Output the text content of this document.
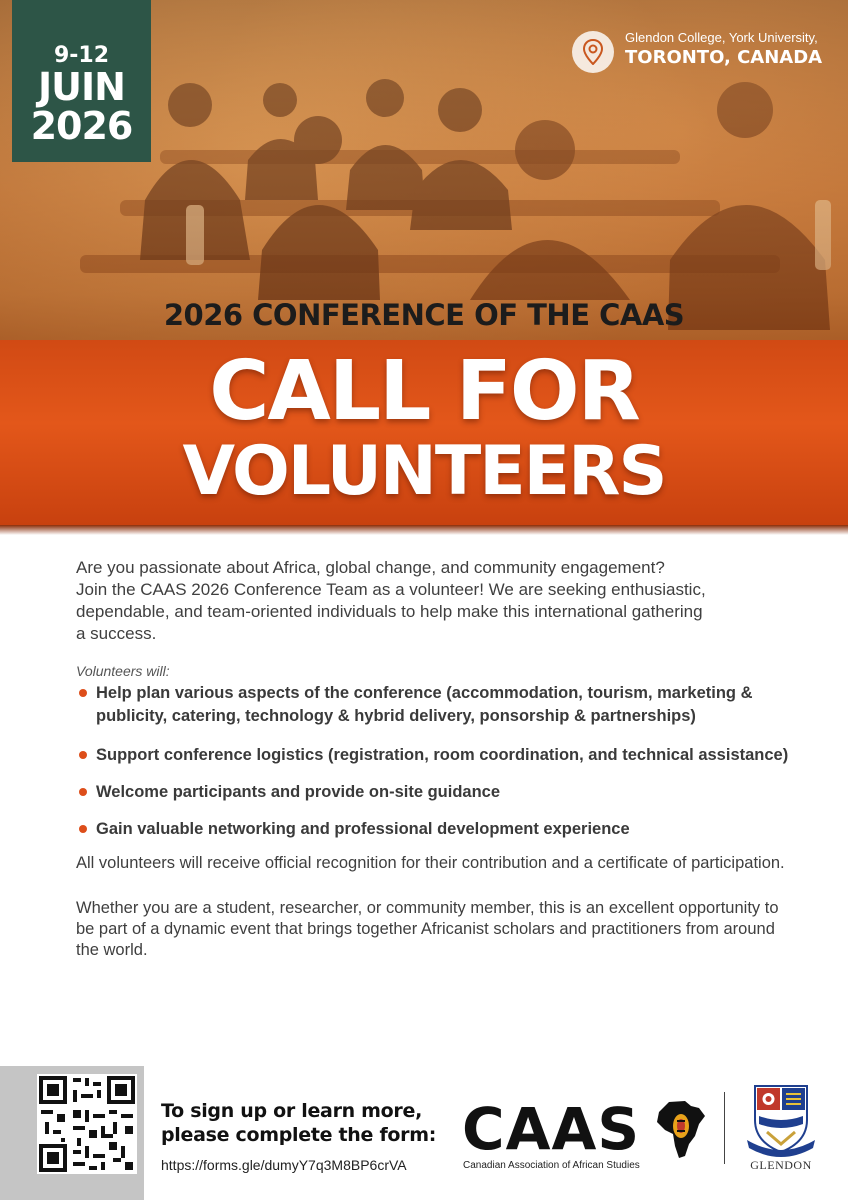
9-12
JUIN
2026
Glendon College, York University,
TORONTO, CANADA
2026 CONFERENCE OF THE CAAS
CALL FOR
VOLUNTEERS

Are you passionate about Africa, global change, and community engagement?
Join the CAAS 2026 Conference Team as a volunteer! We are seeking enthusiastic,
dependable, and team-oriented individuals to help make this international gathering
a success.

Volunteers will:
Help plan various aspects of the conference (accommodation, tourism, marketing & publicity, catering, technology & hybrid delivery, ponsorship & partnerships)
Support conference logistics (registration, room coordination, and technical assistance)
Welcome participants and provide on-site guidance
Gain valuable networking and professional development experience

All volunteers will receive official recognition for their contribution and a certificate of participation.

Whether you are a student, researcher, or community member, this is an excellent opportunity to be part of a dynamic event that brings together Africanist scholars and practitioners from around the world.

To sign up or learn more,
please complete the form:
https://forms.gle/dumyY7q3M8BP6crVA
CAAS
Canadian Association of African Studies	GLENDON
